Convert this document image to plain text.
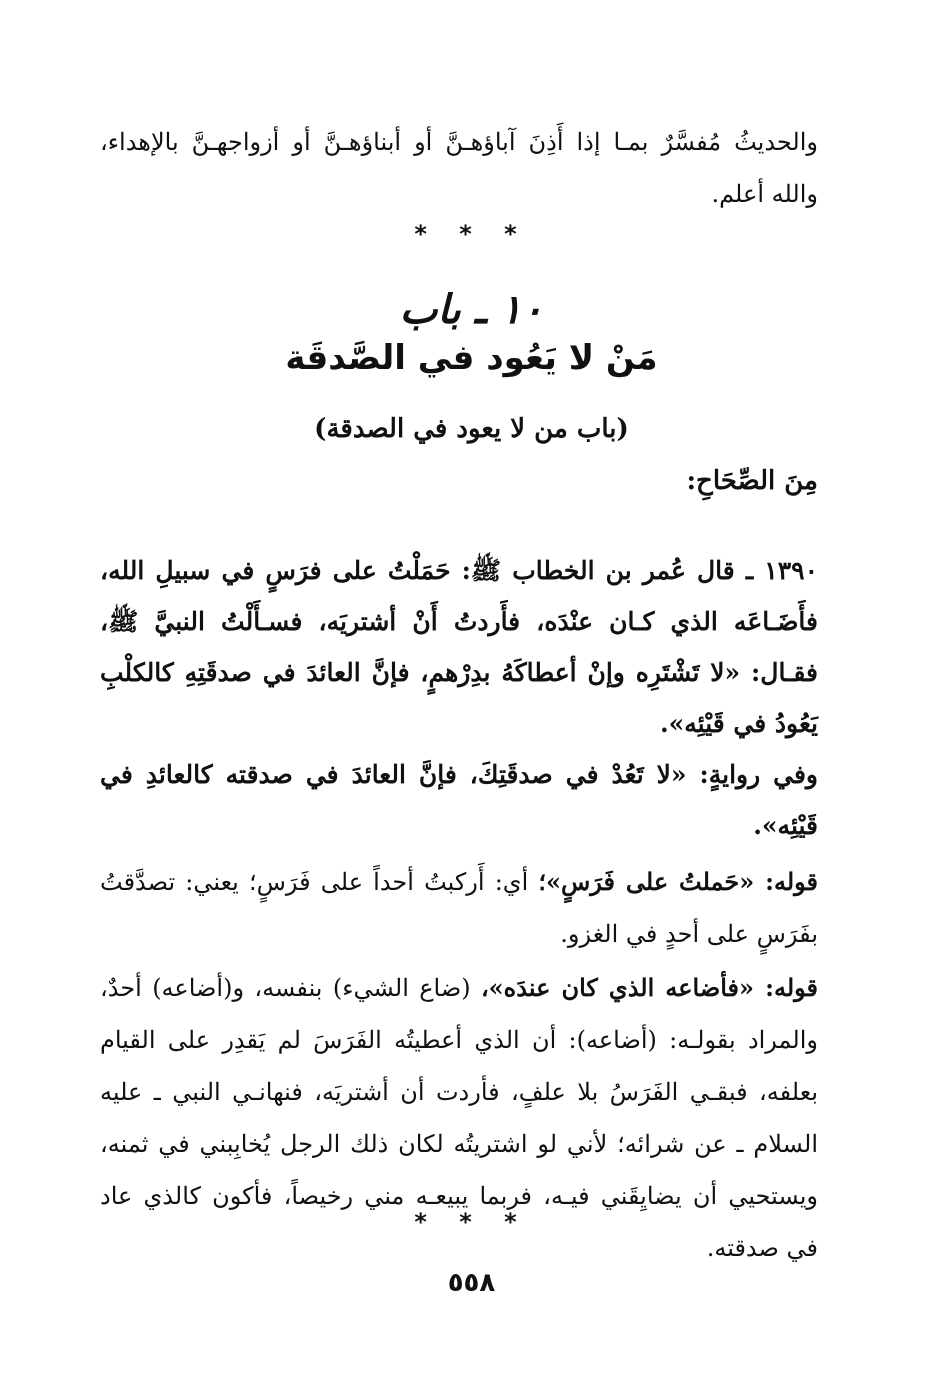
والحديثُ مُفسَّرٌ بمـا إذا أَذِنَ آباؤهـنَّ أو أبناؤهـنَّ أو أزواجهـنَّ بالإهداء، والله أعلم.

* * *
١٠ ـ باب
مَنْ لا يَعُود في الصَّدقَة
(باب من لا يعود في الصدقة)
مِنَ الصِّحَاحِ:

١٣٩٠ ـ قال عُمر بن الخطاب ﷺ: حَمَلْتُ على فرَسٍ في سبيلِ الله، فأَضَـاعَه الذي كـان عنْدَه، فأَردتُ أَنْ أشتريَه، فسـأَلْتُ النبيَّ ﷺ، فقـال: «لا تَشْتَرِه وإنْ أعطاكَهُ بدِرْهمٍ، فإنَّ العائدَ في صدقَتِهِ كالكلْبِ يَعُودُ في قَيْئِه».

وفي روايةٍ: «لا تَعُدْ في صدقَتِكَ، فإنَّ العائدَ في صدقته كالعائدِ في قَيْئِه».

قوله: «حَملتُ على فَرَسٍ»؛ أي: أَركبتُ أحداً على فَرَسٍ؛ يعني: تصدَّقتُ بفَرَسٍ على أحدٍ في الغزو.

قوله: «فأضاعه الذي كان عندَه»، (ضاع الشيء) بنفسه، و(أضاعه) أحدٌ، والمراد بقولـه: (أضاعه): أن الذي أعطيتُه الفَرَسَ لم يَقدِر على القيام بعلفه، فبقـي الفَرَسُ بلا علفٍ، فأردت أن أشتريَه، فنهانـي النبي ـ عليه السلام ـ عن شرائه؛ لأني لو اشتريتُه لكان ذلك الرجل يُخابِبني في ثمنه، ويستحيي أن يضايِقَني فيـه، فربما يبيعـه مني رخيصاً، فأكون كالذي عاد في صدقته.

* * *
٥٥٨
